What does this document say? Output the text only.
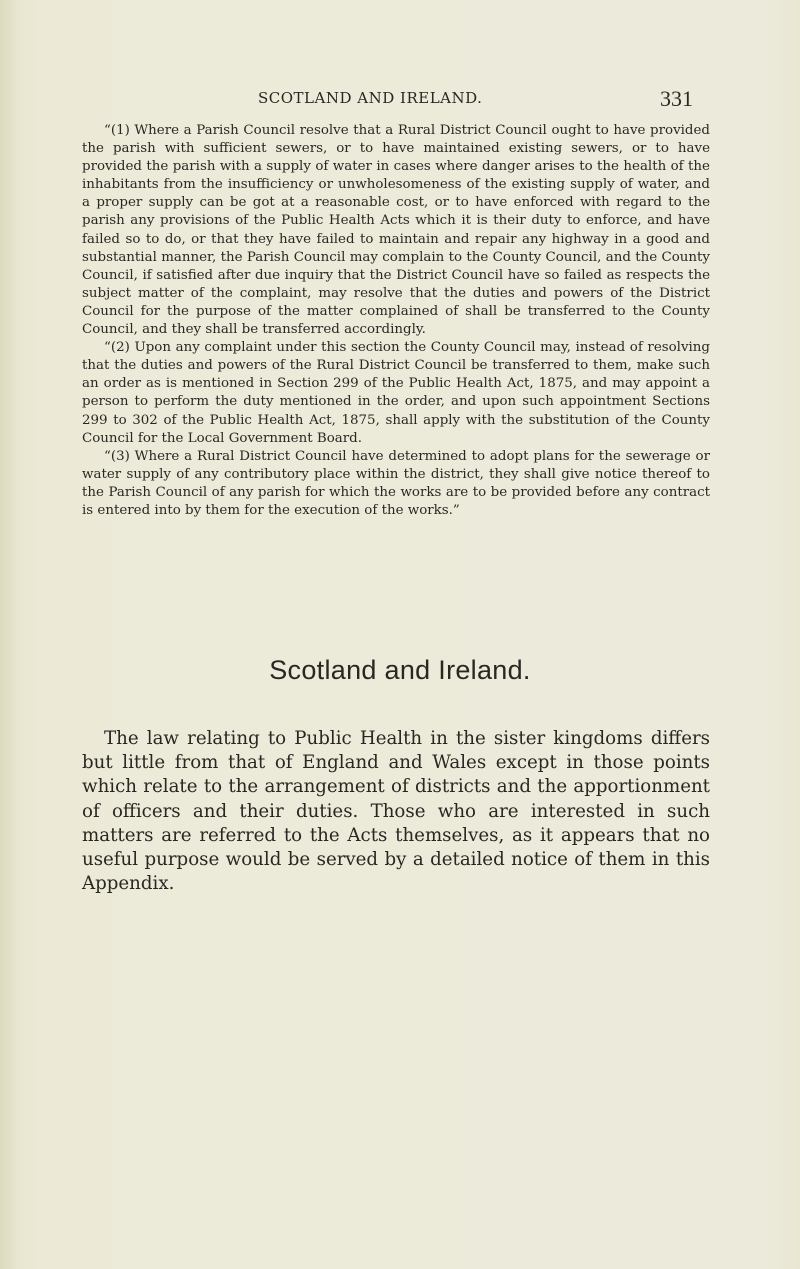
SCOTLAND AND IRELAND.	331

“(1) Where a Parish Council resolve that a Rural District Council ought to have provided the parish with sufficient sewers, or to have maintained existing sewers, or to have provided the parish with a supply of water in cases where danger arises to the health of the inhabitants from the insufficiency or unwholesomeness of the existing supply of water, and a proper supply can be got at a reasonable cost, or to have enforced with regard to the parish any provisions of the Public Health Acts which it is their duty to enforce, and have failed so to do, or that they have failed to maintain and repair any highway in a good and substantial manner, the Parish Council may complain to the County Council, and the County Council, if satisfied after due inquiry that the District Council have so failed as respects the subject matter of the complaint, may resolve that the duties and powers of the District Council for the purpose of the matter complained of shall be transferred to the County Council, and they shall be transferred accordingly.

“(2) Upon any complaint under this section the County Council may, instead of resolving that the duties and powers of the Rural District Council be transferred to them, make such an order as is mentioned in Section 299 of the Public Health Act, 1875, and may appoint a person to perform the duty mentioned in the order, and upon such appointment Sections 299 to 302 of the Public Health Act, 1875, shall apply with the substitution of the County Council for the Local Government Board.

“(3) Where a Rural District Council have determined to adopt plans for the sewerage or water supply of any contributory place within the district, they shall give notice thereof to the Parish Council of any parish for which the works are to be provided before any contract is entered into by them for the execution of the works.”

Scotland and Ireland.

The law relating to Public Health in the sister kingdoms differs but little from that of England and Wales except in those points which relate to the arrangement of districts and the apportionment of officers and their duties. Those who are interested in such matters are referred to the Acts themselves, as it appears that no useful purpose would be served by a detailed notice of them in this Appendix.
